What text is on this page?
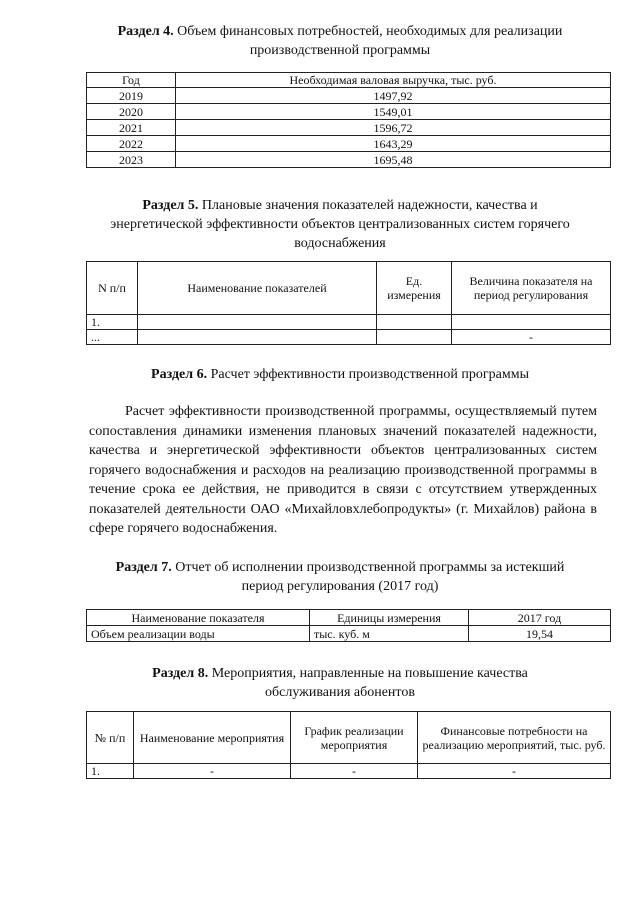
Раздел 4. Объем финансовых потребностей, необходимых для реализации
производственной программы
Год	Необходимая валовая выручка, тыс. руб.
2019	1497,92
2020	1549,01
2021	1596,72
2022	1643,29
2023	1695,48
Раздел 5. Плановые значения показателей надежности, качества и
энергетической эффективности объектов централизованных систем горячего
водоснабжения
N п/п	Наименование показателей	Ед. измерения	Величина показателя на период регулирования
1.			
...			-
Раздел 6. Расчет эффективности производственной программы
Расчет эффективности производственной программы, осуществляемый путем сопоставления динамики изменения плановых значений показателей надежности, качества и энергетической эффективности объектов централизованных систем горячего водоснабжения и расходов на реализацию производственной программы в течение срока ее действия, не приводится в связи с отсутствием утвержденных показателей деятельности ОАО «Михайловхлебопродукты» (г. Михайлов) района в сфере горячего водоснабжения.
Раздел 7. Отчет об исполнении производственной программы за истекший
период регулирования (2017 год)
Наименование показателя	Единицы измерения	2017 год
Объем реализации воды	тыс. куб. м	19,54
Раздел 8. Мероприятия, направленные на повышение качества
обслуживания абонентов
№ п/п	Наименование мероприятия	График реализации мероприятия	Финансовые потребности на реализацию мероприятий, тыс. руб.
1.	-	-	-
